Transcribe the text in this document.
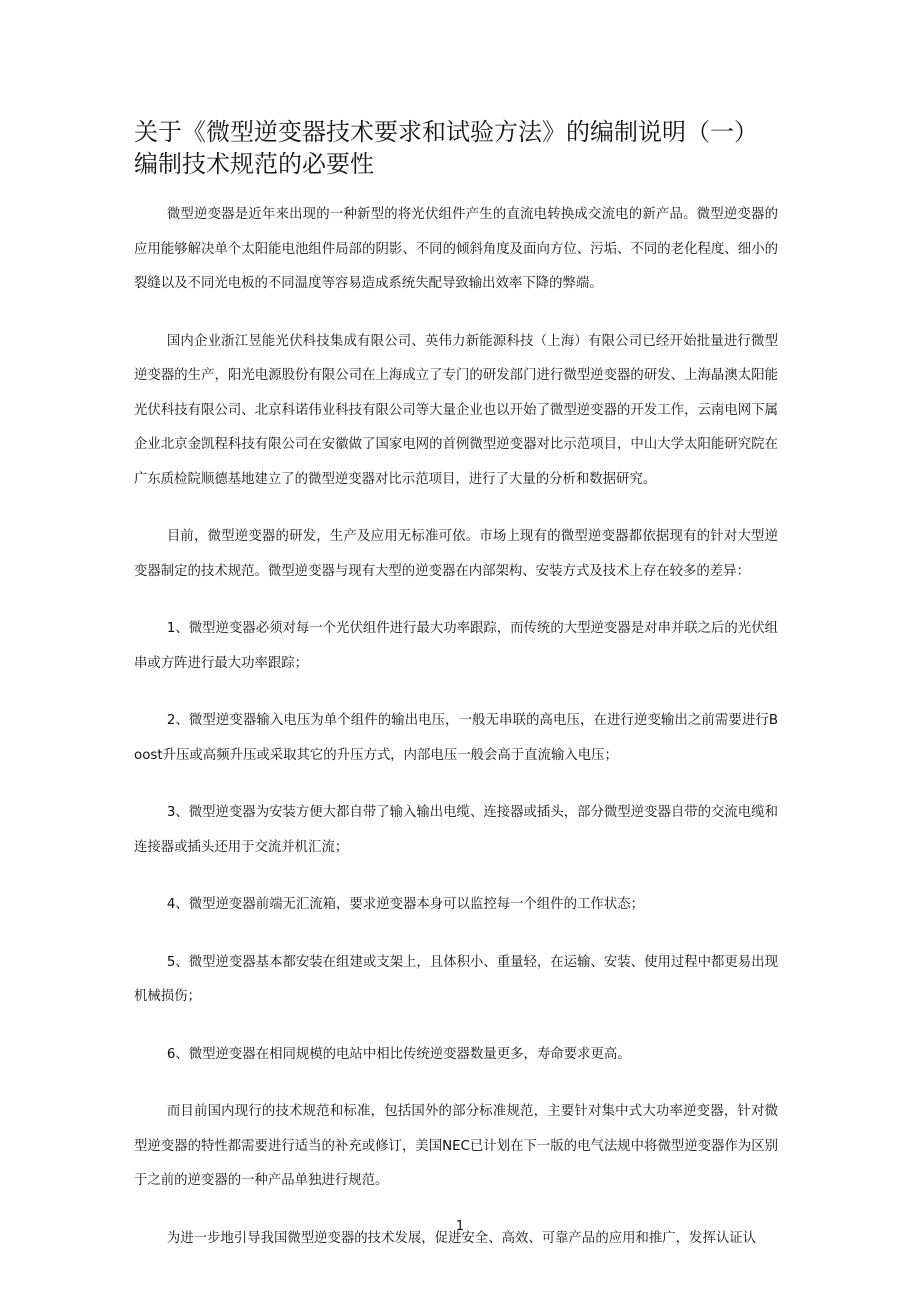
关于《微型逆变器技术要求和试验方法》的编制说明（一）
编制技术规范的必要性

微型逆变器是近年来出现的一种新型的将光伏组件产生的直流电转换成交流电的新产品。微型逆变器的应用能够解决单个太阳能电池组件局部的阴影、不同的倾斜角度及面向方位、污垢、不同的老化程度、细小的裂缝以及不同光电板的不同温度等容易造成系统失配导致输出效率下降的弊端。

国内企业浙江昱能光伏科技集成有限公司、英伟力新能源科技（上海）有限公司已经开始批量进行微型逆变器的生产，阳光电源股份有限公司在上海成立了专门的研发部门进行微型逆变器的研发、上海晶澳太阳能光伏科技有限公司、北京科诺伟业科技有限公司等大量企业也以开始了微型逆变器的开发工作，云南电网下属企业北京金凯程科技有限公司在安徽做了国家电网的首例微型逆变器对比示范项目，中山大学太阳能研究院在广东质检院顺德基地建立了的微型逆变器对比示范项目，进行了大量的分析和数据研究。

目前，微型逆变器的研发，生产及应用无标准可依。市场上现有的微型逆变器都依据现有的针对大型逆变器制定的技术规范。微型逆变器与现有大型的逆变器在内部架构、安装方式及技术上存在较多的差异：

1、微型逆变器必须对每一个光伏组件进行最大功率跟踪，而传统的大型逆变器是对串并联之后的光伏组串或方阵进行最大功率跟踪；

2、微型逆变器输入电压为单个组件的输出电压，一般无串联的高电压，在进行逆变输出之前需要进行Boost升压或高频升压或采取其它的升压方式，内部电压一般会高于直流输入电压；

3、微型逆变器为安装方便大都自带了输入输出电缆、连接器或插头，部分微型逆变器自带的交流电缆和连接器或插头还用于交流并机汇流；

4、微型逆变器前端无汇流箱，要求逆变器本身可以监控每一个组件的工作状态；

5、微型逆变器基本都安装在组建或支架上，且体积小、重量轻，在运输、安装、使用过程中都更易出现机械损伤；

6、微型逆变器在相同规模的电站中相比传统逆变器数量更多，寿命要求更高。

而目前国内现行的技术规范和标准，包括国外的部分标准规范，主要针对集中式大功率逆变器，针对微型逆变器的特性都需要进行适当的补充或修订，美国NEC已计划在下一版的电气法规中将微型逆变器作为区别于之前的逆变器的一种产品单独进行规范。

为进一步地引导我国微型逆变器的技术发展，促进安全、高效、可靠产品的应用和推广，发挥认证认

1
